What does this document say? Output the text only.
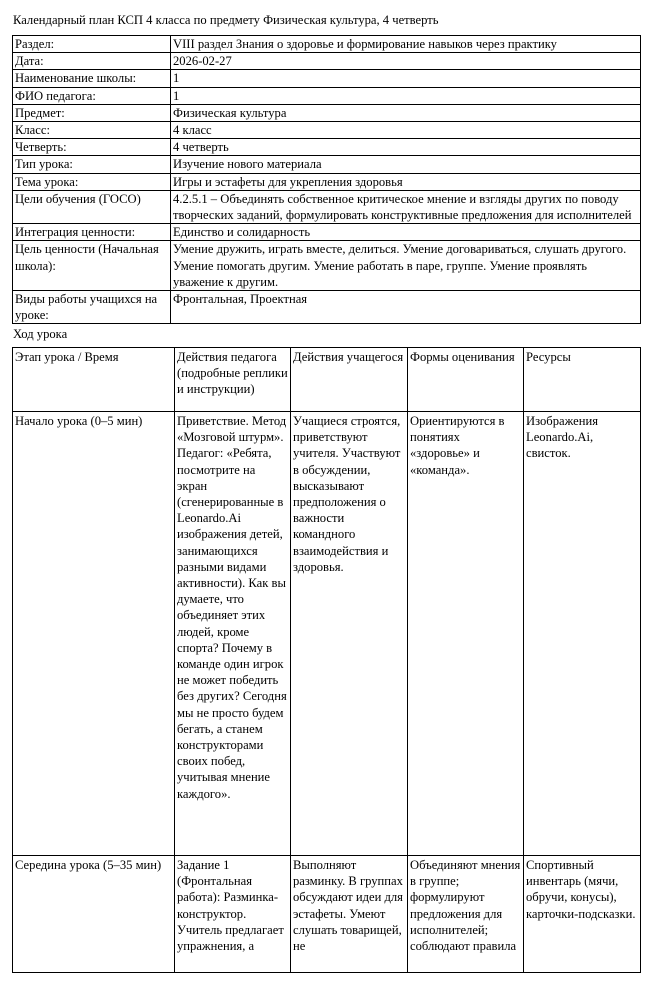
Календарный план КСП 4 класса по предмету Физическая культура, 4 четверть
Раздел:	VIII раздел Знания о здоровье и формирование навыков через практику
Дата:	2026-02-27
Наименование школы:	1
ФИО педагога:	1
Предмет:	Физическая культура
Класс:	4 класс
Четверть:	4 четверть
Тип урока:	Изучение нового материала
Тема урока:	Игры и эстафеты для укрепления здоровья
Цели обучения (ГОСО)	4.2.5.1 – Объединять собственное критическое мнение и взгляды других по поводу творческих заданий, формулировать конструктивные предложения для исполнителей
Интеграция ценности:	Единство и солидарность
Цель ценности (Начальная школа):	Умение дружить, играть вместе, делиться. Умение договариваться, слушать другого. Умение помогать другим. Умение работать в паре, группе. Умение проявлять уважение к другим.
Виды работы учащихся на уроке:	Фронтальная, Проектная
Ход урока
Этап урока / Время	Действия педагога (подробные реплики и инструкции)	Действия учащегося	Формы оценивания	Ресурсы
Начало урока (0–5 мин)	Приветствие. Метод «Мозговой штурм». Педагог: «Ребята, посмотрите на экран (сгенерированные в Leonardo.Ai изображения детей, занимающихся разными видами активности). Как вы думаете, что объединяет этих людей, кроме спорта? Почему в команде один игрок не может победить без других? Сегодня мы не просто будем бегать, а станем конструкторами своих побед, учитывая мнение каждого».	Учащиеся строятся, приветствуют учителя. Участвуют в обсуждении, высказывают предположения о важности командного взаимодействия и здоровья.	Ориентируются в понятиях «здоровье» и «команда».	Изображения Leonardo.Ai, свисток.

Середина урока (5–35 мин)	Задание 1 (Фронтальная работа): Разминка-конструктор. Учитель предлагает упражнения, а	Выполняют разминку. В группах обсуждают идеи для эстафеты. Умеют слушать товарищей, не	Объединяют мнения в группе; формулируют предложения для исполнителей; соблюдают правила	Спортивный инвентарь (мячи, обручи, конусы), карточки-подсказки.
